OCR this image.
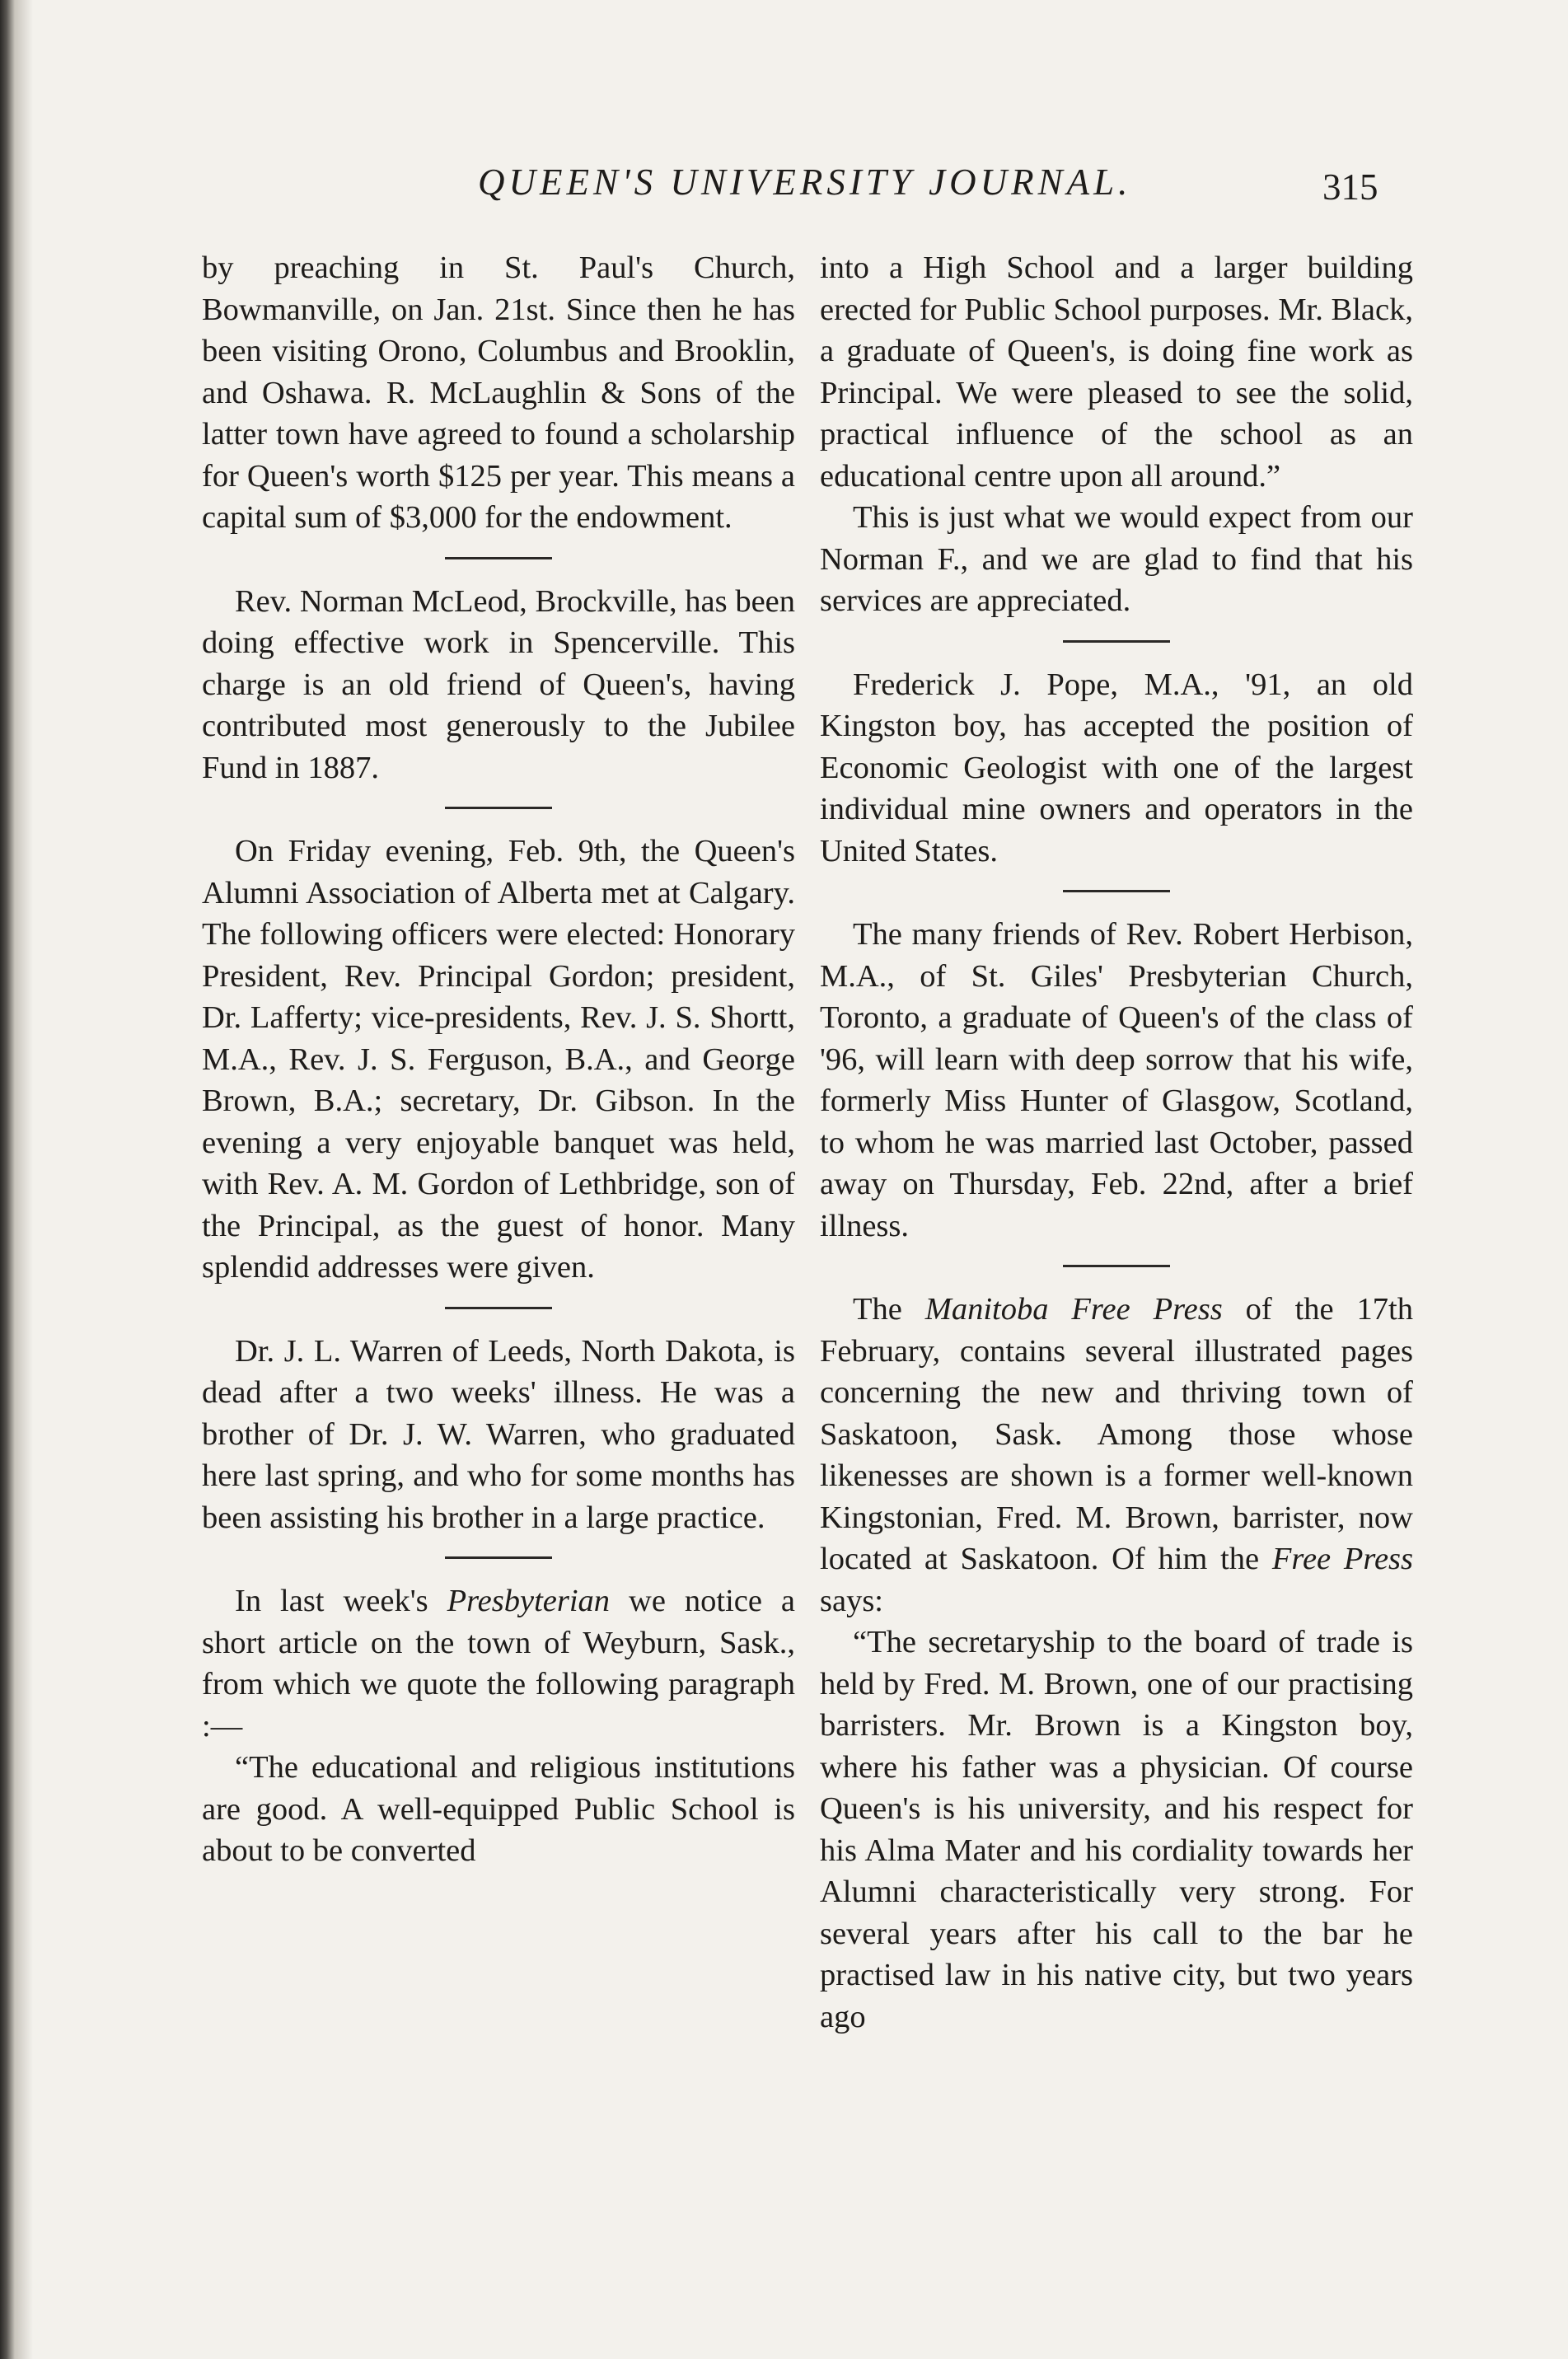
QUEEN'S UNIVERSITY JOURNAL.	315

by preaching in St. Paul's Church, Bowmanville, on Jan. 21st. Since then he has been visiting Orono, Columbus and Brooklin, and Oshawa. R. McLaughlin & Sons of the latter town have agreed to found a scholarship for Queen's worth $125 per year. This means a capital sum of $3,000 for the endowment.

Rev. Norman McLeod, Brockville, has been doing effective work in Spencerville. This charge is an old friend of Queen's, having contributed most generously to the Jubilee Fund in 1887.

On Friday evening, Feb. 9th, the Queen's Alumni Association of Alberta met at Calgary. The following officers were elected: Honorary President, Rev. Principal Gordon; president, Dr. Lafferty; vice-presidents, Rev. J. S. Shortt, M.A., Rev. J. S. Ferguson, B.A., and George Brown, B.A.; secretary, Dr. Gibson. In the evening a very enjoyable banquet was held, with Rev. A. M. Gordon of Lethbridge, son of the Principal, as the guest of honor. Many splendid addresses were given.

Dr. J. L. Warren of Leeds, North Dakota, is dead after a two weeks' illness. He was a brother of Dr. J. W. Warren, who graduated here last spring, and who for some months has been assisting his brother in a large practice.

In last week's Presbyterian we notice a short article on the town of Weyburn, Sask., from which we quote the following paragraph :—

“The educational and religious institutions are good. A well-equipped Public School is about to be converted

into a High School and a larger building erected for Public School purposes. Mr. Black, a graduate of Queen's, is doing fine work as Principal. We were pleased to see the solid, practical influence of the school as an educational centre upon all around.”

This is just what we would expect from our Norman F., and we are glad to find that his services are appreciated.

Frederick J. Pope, M.A., '91, an old Kingston boy, has accepted the position of Economic Geologist with one of the largest individual mine owners and operators in the United States.

The many friends of Rev. Robert Herbison, M.A., of St. Giles' Presbyterian Church, Toronto, a graduate of Queen's of the class of '96, will learn with deep sorrow that his wife, formerly Miss Hunter of Glasgow, Scotland, to whom he was married last October, passed away on Thursday, Feb. 22nd, after a brief illness.

The Manitoba Free Press of the 17th February, contains several illustrated pages concerning the new and thriving town of Saskatoon, Sask. Among those whose likenesses are shown is a former well-known Kingstonian, Fred. M. Brown, barrister, now located at Saskatoon. Of him the Free Press says:

“The secretaryship to the board of trade is held by Fred. M. Brown, one of our practising barristers. Mr. Brown is a Kingston boy, where his father was a physician. Of course Queen's is his university, and his respect for his Alma Mater and his cordiality towards her Alumni characteristically very strong. For several years after his call to the bar he practised law in his native city, but two years ago
